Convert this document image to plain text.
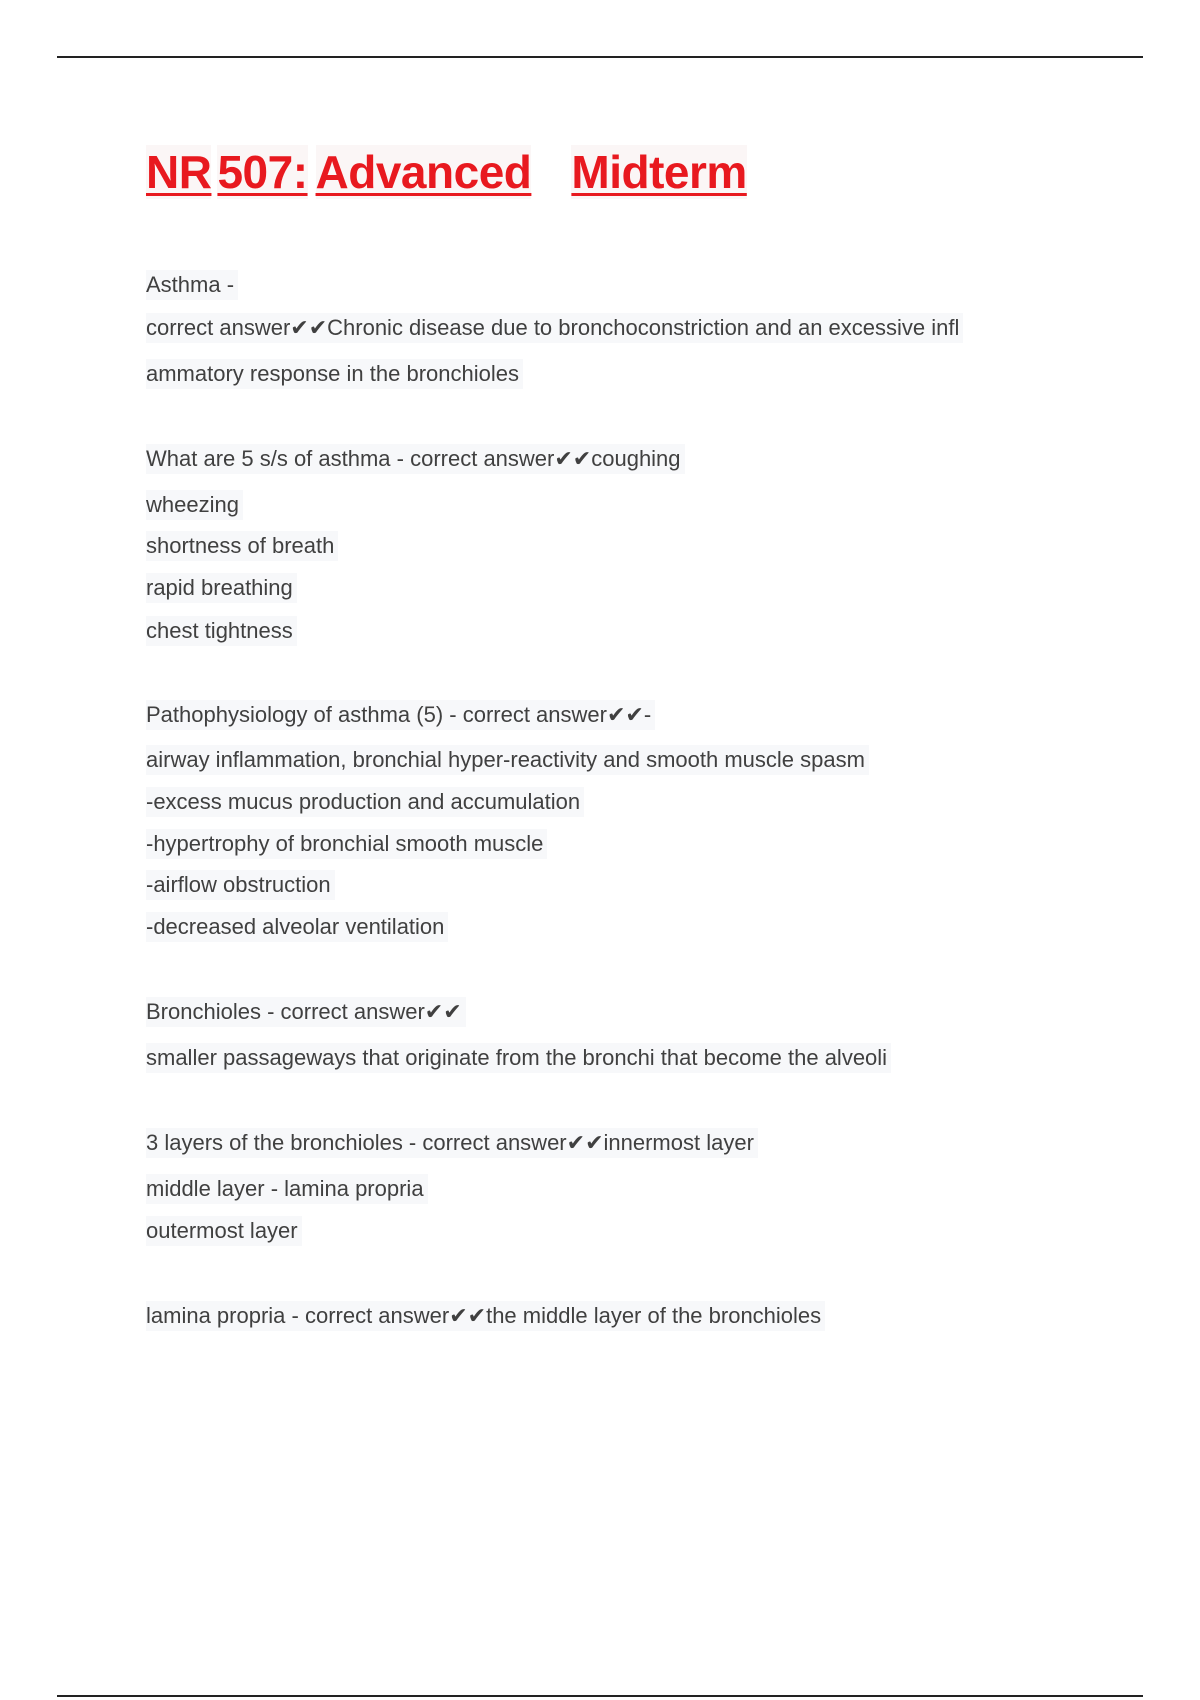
NR 507: Advanced Midterm
Asthma -
correct answer✔✔Chronic disease due to bronchoconstriction and an excessive infl
ammatory response in the bronchioles
What are 5 s/s of asthma - correct answer✔✔coughing
wheezing
shortness of breath
rapid breathing
chest tightness
Pathophysiology of asthma (5) - correct answer✔✔-
airway inflammation, bronchial hyper-reactivity and smooth muscle spasm
-excess mucus production and accumulation
-hypertrophy of bronchial smooth muscle
-airflow obstruction
-decreased alveolar ventilation
Bronchioles - correct answer✔✔
smaller passageways that originate from the bronchi that become the alveoli
3 layers of the bronchioles - correct answer✔✔innermost layer
middle layer - lamina propria
outermost layer
lamina propria - correct answer✔✔the middle layer of the bronchioles
